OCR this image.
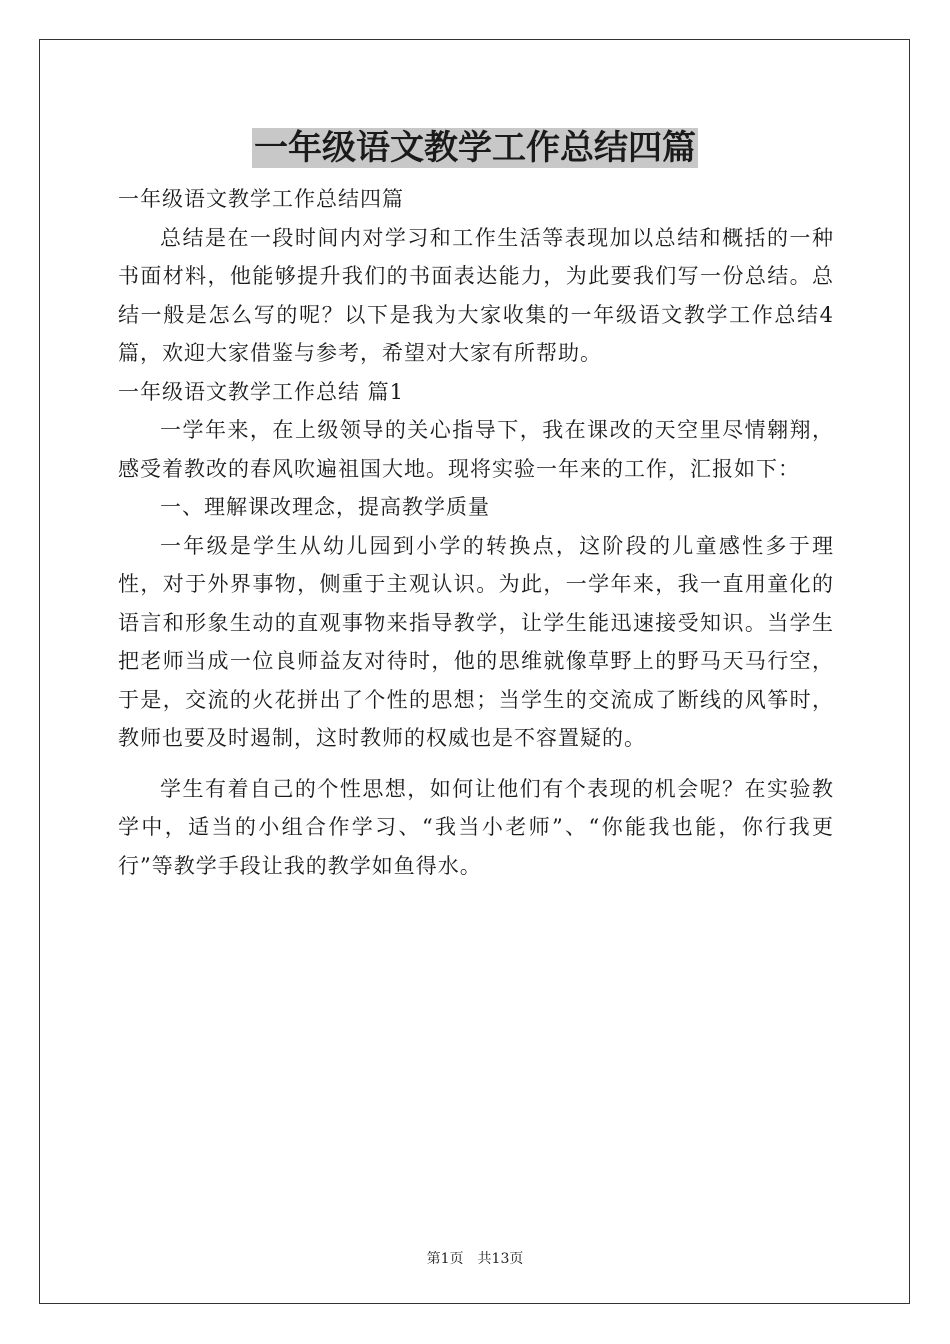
一年级语文教学工作总结四篇

一年级语文教学工作总结四篇

总结是在一段时间内对学习和工作生活等表现加以总结和概括的一种书面材料，他能够提升我们的书面表达能力，为此要我们写一份总结。总结一般是怎么写的呢？以下是我为大家收集的一年级语文教学工作总结4篇，欢迎大家借鉴与参考，希望对大家有所帮助。

一年级语文教学工作总结 篇1

一学年来，在上级领导的关心指导下，我在课改的天空里尽情翱翔，感受着教改的春风吹遍祖国大地。现将实验一年来的工作，汇报如下：

一、理解课改理念，提高教学质量

一年级是学生从幼儿园到小学的转换点，这阶段的儿童感性多于理性，对于外界事物，侧重于主观认识。为此，一学年来，我一直用童化的语言和形象生动的直观事物来指导教学，让学生能迅速接受知识。当学生把老师当成一位良师益友对待时，他的思维就像草野上的野马天马行空，于是，交流的火花拼出了个性的思想；当学生的交流成了断线的风筝时，教师也要及时遏制，这时教师的权威也是不容置疑的。

学生有着自己的个性思想，如何让他们有个表现的机会呢？在实验教学中，适当的小组合作学习、“我当小老师”、“你能我也能，你行我更行”等教学手段让我的教学如鱼得水。

第1页 共13页
